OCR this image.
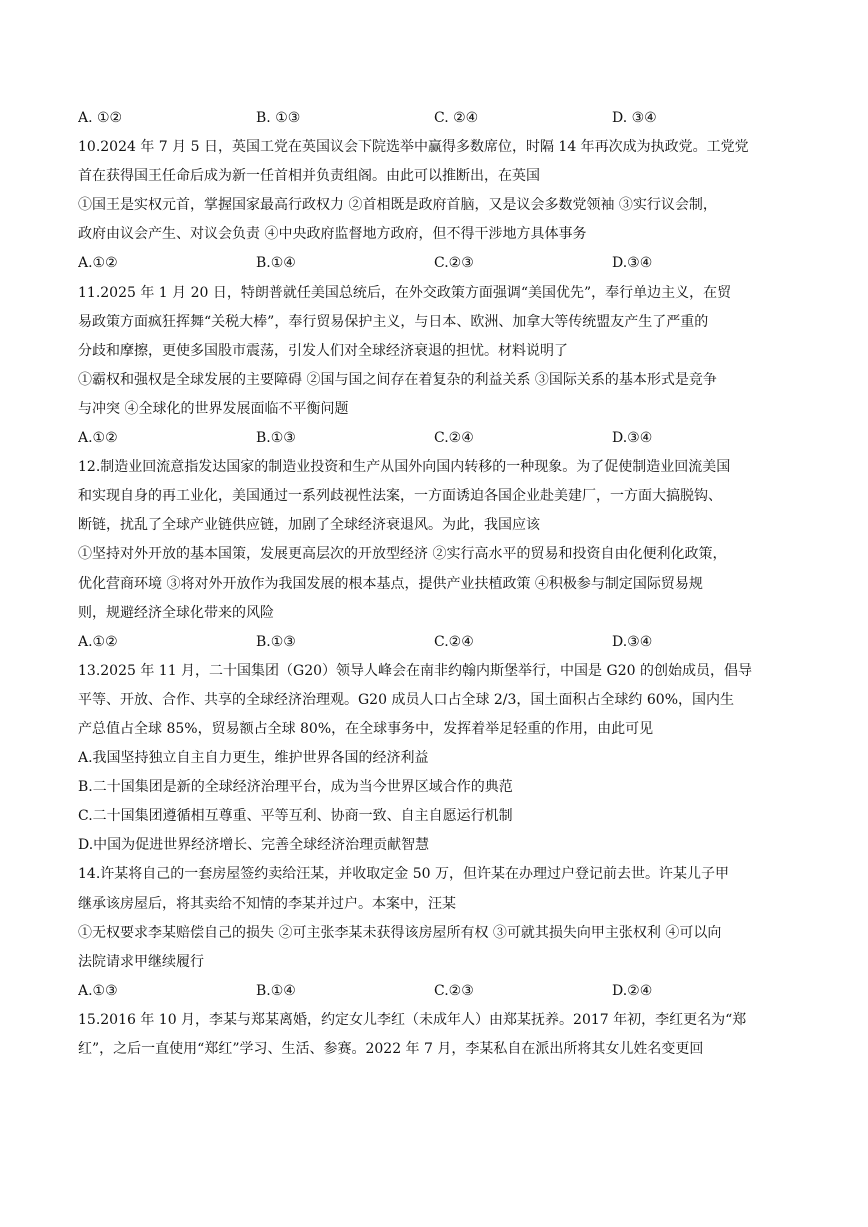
A. ①②	B. ①③	C. ②④	D. ③④
10.2024 年 7 月 5 日，英国工党在英国议会下院选举中赢得多数席位，时隔 14 年再次成为执政党。工党党
首在获得国王任命后成为新一任首相并负责组阁。由此可以推断出，在英国
①国王是实权元首，掌握国家最高行政权力 ②首相既是政府首脑，又是议会多数党领袖 ③实行议会制，
政府由议会产生、对议会负责 ④中央政府监督地方政府，但不得干涉地方具体事务
A.①②	B.①④	C.②③	D.③④
11.2025 年 1 月 20 日，特朗普就任美国总统后，在外交政策方面强调“美国优先”，奉行单边主义，在贸
易政策方面疯狂挥舞“关税大棒”，奉行贸易保护主义，与日本、欧洲、加拿大等传统盟友产生了严重的
分歧和摩擦，更使多国股市震荡，引发人们对全球经济衰退的担忧。材料说明了
①霸权和强权是全球发展的主要障碍 ②国与国之间存在着复杂的利益关系 ③国际关系的基本形式是竞争
与冲突 ④全球化的世界发展面临不平衡问题
A.①②	B.①③	C.②④	D.③④
12.制造业回流意指发达国家的制造业投资和生产从国外向国内转移的一种现象。为了促使制造业回流美国
和实现自身的再工业化，美国通过一系列歧视性法案，一方面诱迫各国企业赴美建厂，一方面大搞脱钩、
断链，扰乱了全球产业链供应链，加剧了全球经济衰退风。为此，我国应该
①坚持对外开放的基本国策，发展更高层次的开放型经济 ②实行高水平的贸易和投资自由化便利化政策，
优化营商环境 ③将对外开放作为我国发展的根本基点，提供产业扶植政策 ④积极参与制定国际贸易规
则，规避经济全球化带来的风险
A.①②	B.①③	C.②④	D.③④
13.2025 年 11 月，二十国集团（G20）领导人峰会在南非约翰内斯堡举行，中国是 G20 的创始成员，倡导
平等、开放、合作、共享的全球经济治理观。G20 成员人口占全球 2/3，国土面积占全球约 60%，国内生
产总值占全球 85%，贸易额占全球 80%，在全球事务中，发挥着举足轻重的作用，由此可见
A.我国坚持独立自主自力更生，维护世界各国的经济利益
B.二十国集团是新的全球经济治理平台，成为当今世界区域合作的典范
C.二十国集团遵循相互尊重、平等互利、协商一致、自主自愿运行机制
D.中国为促进世界经济增长、完善全球经济治理贡献智慧
14.许某将自己的一套房屋签约卖给汪某，并收取定金 50 万，但许某在办理过户登记前去世。许某儿子甲
继承该房屋后，将其卖给不知情的李某并过户。本案中，汪某
①无权要求李某赔偿自己的损失 ②可主张李某未获得该房屋所有权 ③可就其损失向甲主张权利 ④可以向
法院请求甲继续履行
A.①③	B.①④	C.②③	D.②④
15.2016 年 10 月，李某与郑某离婚，约定女儿李红（未成年人）由郑某抚养。2017 年初，李红更名为“郑
红”，之后一直使用“郑红”学习、生活、参赛。2022 年 7 月，李某私自在派出所将其女儿姓名变更回
